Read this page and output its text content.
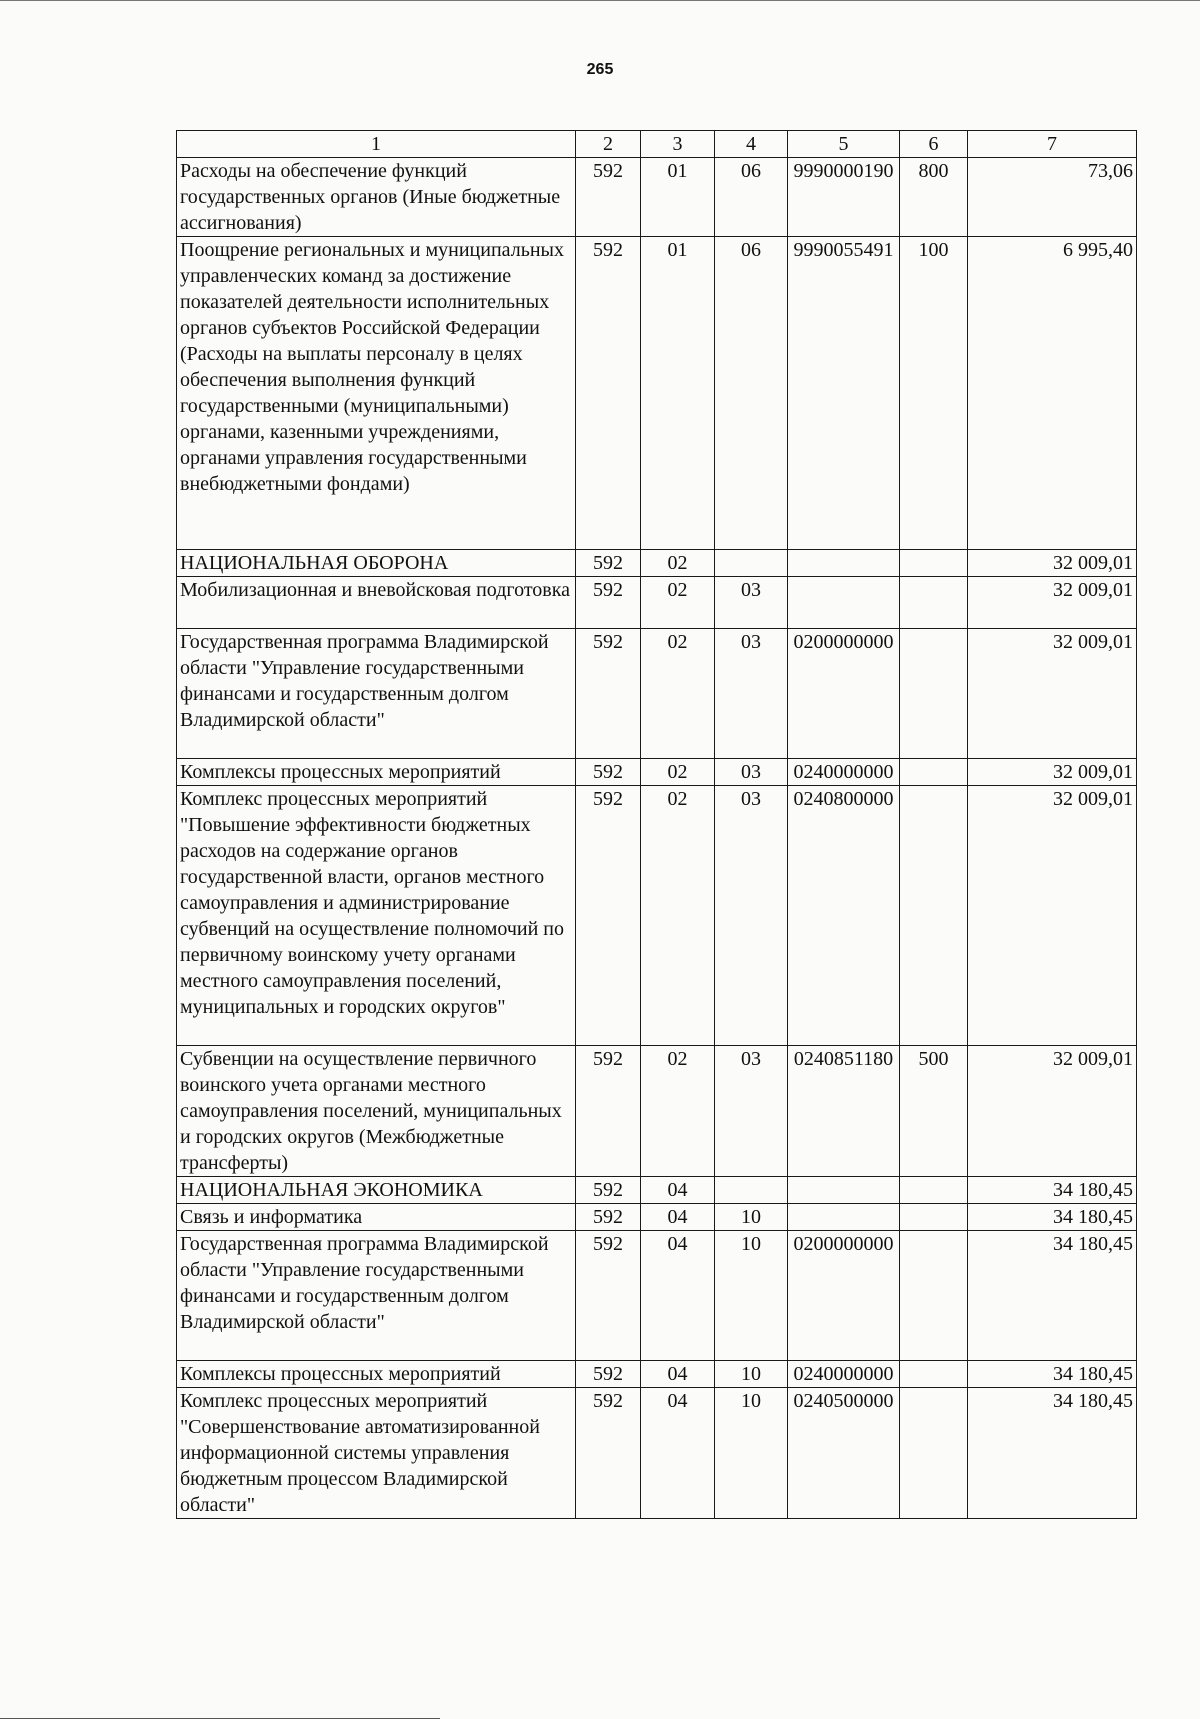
265
1	2	3	4	5	6	7
Расходы на обеспечение функций государственных органов (Иные бюджетные ассигнования)	592	01	06	9990000190	800	73,06
Поощрение региональных и муниципальных управленческих команд за достижение показателей деятельности исполнительных органов субъектов Российской Федерации (Расходы на выплаты персоналу в целях обеспечения выполнения функций государственными (муниципальными) органами, казенными учреждениями, органами управления государственными внебюджетными фондами)	592	01	06	9990055491	100	6 995,40
НАЦИОНАЛЬНАЯ ОБОРОНА	592	02				32 009,01
Мобилизационная и вневойсковая подготовка	592	02	03			32 009,01
Государственная программа Владимирской области "Управление государственными финансами и государственным долгом Владимирской области"	592	02	03	0200000000		32 009,01
Комплексы процессных мероприятий	592	02	03	0240000000		32 009,01
Комплекс процессных мероприятий "Повышение эффективности бюджетных расходов на содержание органов государственной власти, органов местного самоуправления и администрирование субвенций на осуществление полномочий по первичному воинскому учету органами местного самоуправления поселений, муниципальных и городских округов"	592	02	03	0240800000		32 009,01
Субвенции на осуществление первичного воинского учета органами местного самоуправления поселений, муниципальных и городских округов (Межбюджетные трансферты)	592	02	03	0240851180	500	32 009,01
НАЦИОНАЛЬНАЯ ЭКОНОМИКА	592	04				34 180,45
Связь и информатика	592	04	10			34 180,45
Государственная программа Владимирской области "Управление государственными финансами и государственным долгом Владимирской области"	592	04	10	0200000000		34 180,45
Комплексы процессных мероприятий	592	04	10	0240000000		34 180,45
Комплекс процессных мероприятий "Совершенствование автоматизированной информационной системы управления бюджетным процессом Владимирской области"	592	04	10	0240500000		34 180,45
